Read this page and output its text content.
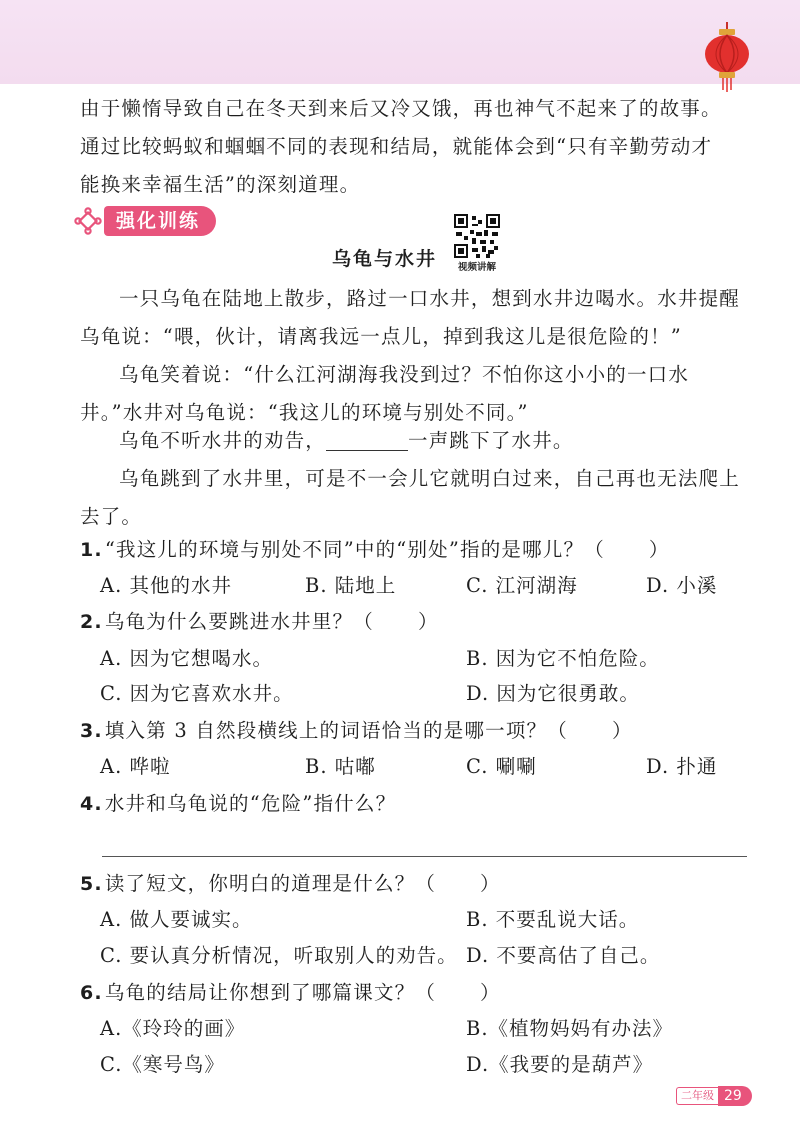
由于懒惰导致自己在冬天到来后又冷又饿，再也神气不起来了的故事。
通过比较蚂蚁和蝈蝈不同的表现和结局，就能体会到“只有辛勤劳动才
能换来幸福生活”的深刻道理。

强化训练
乌龟与水井	视频讲解

一只乌龟在陆地上散步，路过一口水井，想到水井边喝水。水井提醒乌龟说：“喂，伙计，请离我远一点儿，掉到我这儿是很危险的！”

乌龟笑着说：“什么江河湖海我没到过？不怕你这小小的一口水井。”水井对乌龟说：“我这儿的环境与别处不同。”

乌龟不听水井的劝告，	一声跳下了水井。

乌龟跳到了水井里，可是不一会儿它就明白过来，自己再也无法爬上去了。

1. “我这儿的环境与别处不同”中的“别处”指的是哪儿？（ ）
A. 其他的水井	B. 陆地上	C. 江河湖海	D. 小溪
2. 乌龟为什么要跳进水井里？（ ）
A. 因为它想喝水。	B. 因为它不怕危险。
C. 因为它喜欢水井。	D. 因为它很勇敢。
3. 填入第 3 自然段横线上的词语恰当的是哪一项？（ ）
A. 哗啦	B. 咕嘟	C. 唰唰	D. 扑通
4. 水井和乌龟说的“危险”指什么？
5. 读了短文，你明白的道理是什么？（ ）
A. 做人要诚实。	B. 不要乱说大话。
C. 要认真分析情况，听取别人的劝告。 D. 不要高估了自己。
6. 乌龟的结局让你想到了哪篇课文？（ ）
A.《玲玲的画》	B.《植物妈妈有办法》
C.《寒号鸟》	D.《我要的是葫芦》
二年级 29
